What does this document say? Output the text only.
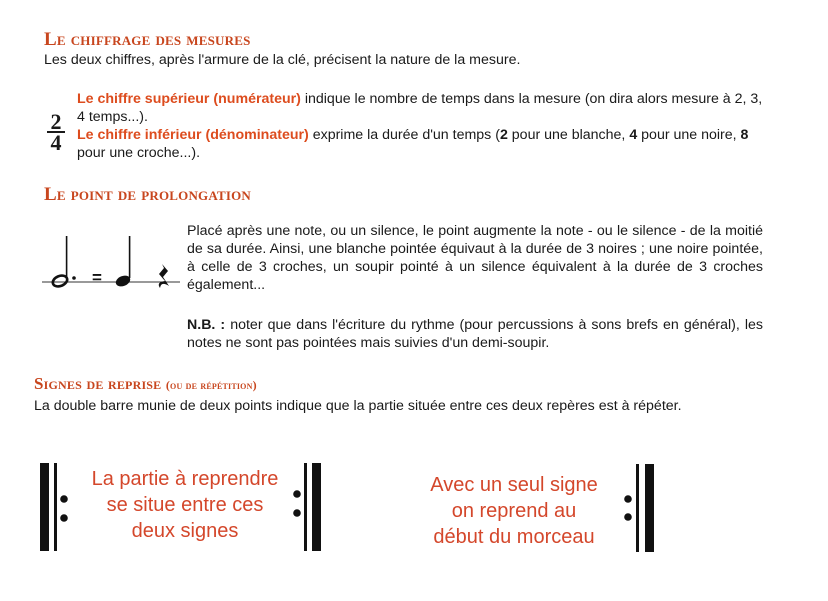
Le chiffrage des mesures
Les deux chiffres, après l'armure de la clé, précisent la nature de la mesure.
2
4
Le chiffre supérieur (numérateur) indique le nombre de temps dans la mesure (on dira alors mesure à 2, 3, 4 temps...).
Le chiffre inférieur (dénominateur) exprime la durée d'un temps (2 pour une blanche, 4 pour une noire, 8 pour une croche...).
Le point de prolongation
=
Placé après une note, ou un silence, le point augmente la note - ou le silence - de la moitié de sa durée. Ainsi, une blanche pointée équivaut à la durée de 3 noires ; une noire pointée, à celle de 3 croches, un soupir pointé à un silence équivalent à la durée de 3 croches également...
N.B. : noter que dans l'écriture du rythme (pour percussions à sons brefs en général), les notes ne sont pas pointées mais suivies d'un demi-soupir.
Signes de reprise (ou de répétition)
La double barre munie de deux points indique que la partie située entre ces deux repères est à répéter.
La partie à reprendre
se situe entre ces
deux signes
Avec un seul signe
on reprend au
début du morceau
